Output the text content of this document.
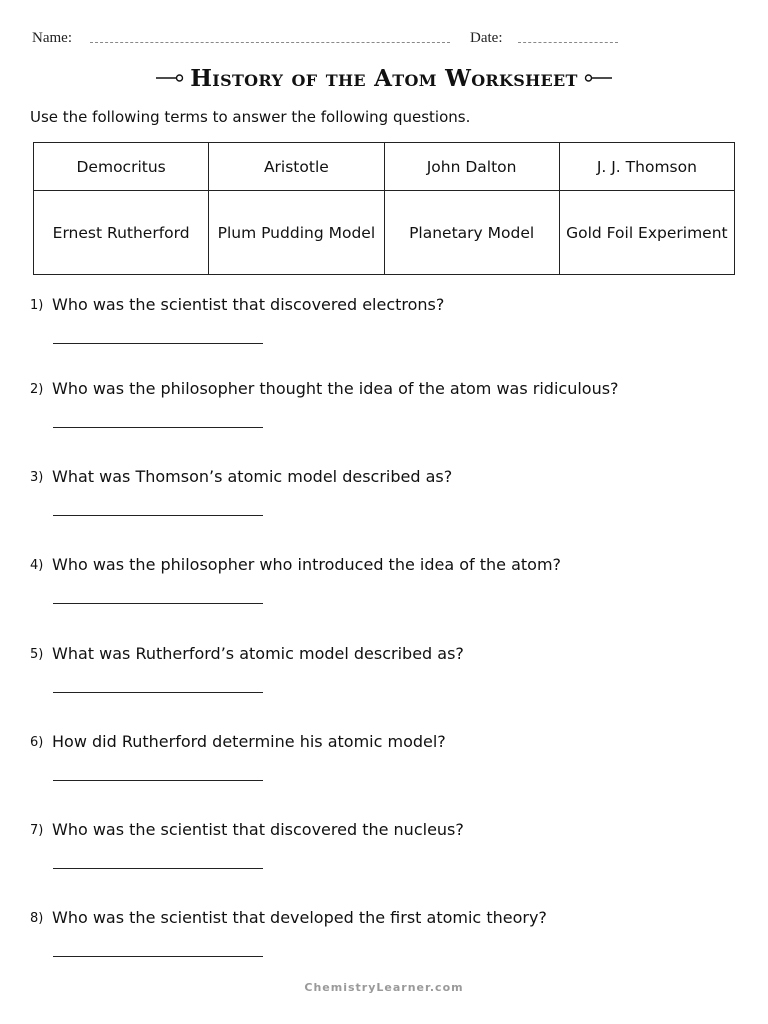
Name:	Date:
History of the Atom Worksheet
Use the following terms to answer the following questions.
Democritus	Aristotle	John Dalton	J. J. Thomson
Ernest Rutherford	Plum Pudding Model	Planetary Model	Gold Foil Experiment
1) Who was the scientist that discovered electrons?
2) Who was the philosopher thought the idea of the atom was ridiculous?
3) What was Thomson’s atomic model described as?
4) Who was the philosopher who introduced the idea of the atom?
5) What was Rutherford’s atomic model described as?
6) How did Rutherford determine his atomic model?
7) Who was the scientist that discovered the nucleus?
8) Who was the scientist that developed the first atomic theory?
ChemistryLearner.com
